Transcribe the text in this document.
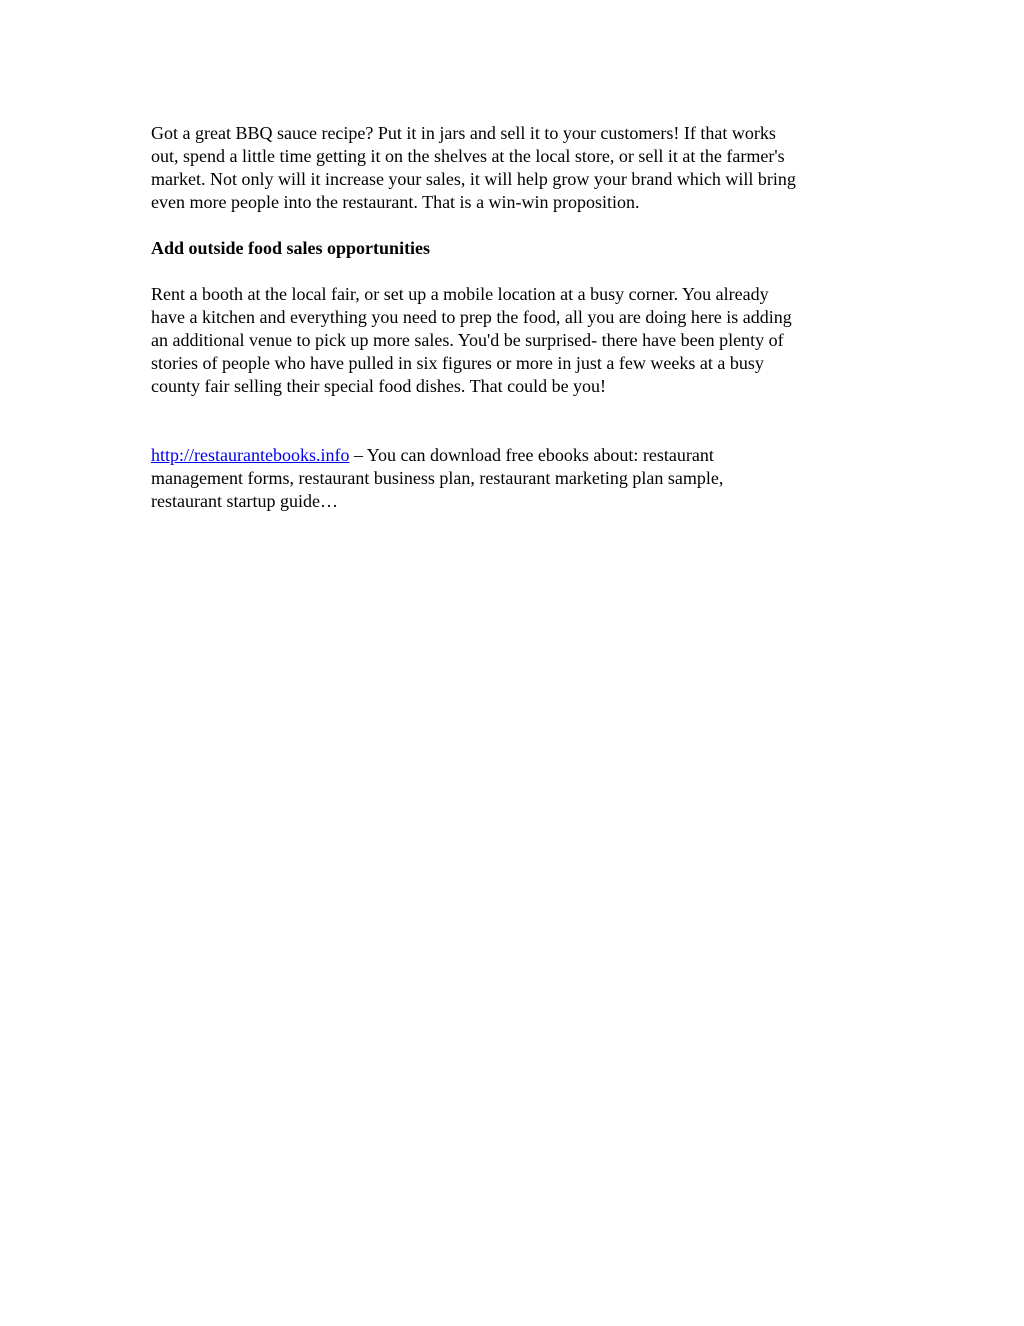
Got a great BBQ sauce recipe? Put it in jars and sell it to your customers! If that works
out, spend a little time getting it on the shelves at the local store, or sell it at the farmer's
market. Not only will it increase your sales, it will help grow your brand which will bring
even more people into the restaurant. That is a win-win proposition.
Add outside food sales opportunities
Rent a booth at the local fair, or set up a mobile location at a busy corner. You already
have a kitchen and everything you need to prep the food, all you are doing here is adding
an additional venue to pick up more sales. You'd be surprised- there have been plenty of
stories of people who have pulled in six figures or more in just a few weeks at a busy
county fair selling their special food dishes. That could be you!
http://restaurantebooks.info – You can download free ebooks about: restaurant
management forms, restaurant business plan, restaurant marketing plan sample,
restaurant startup guide…
